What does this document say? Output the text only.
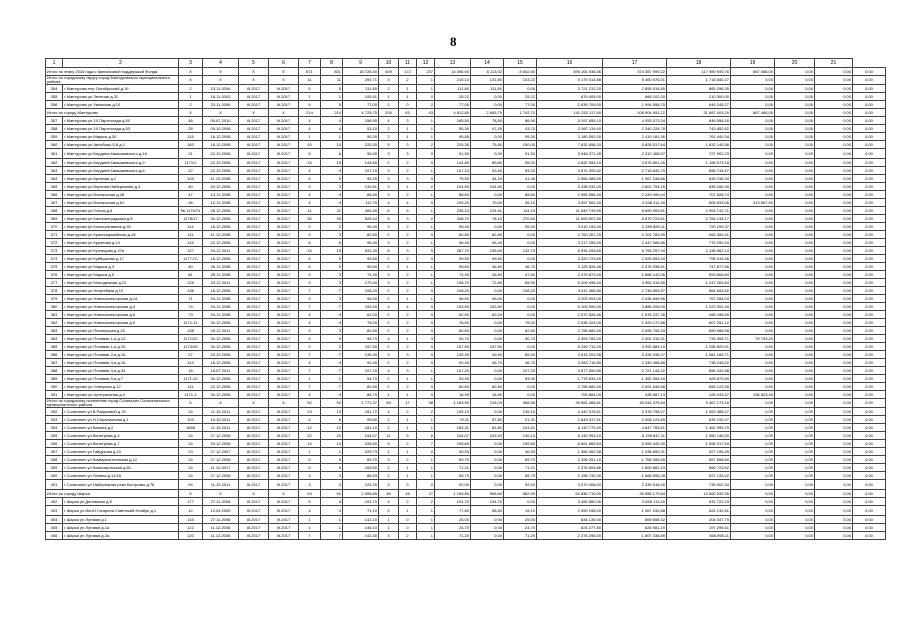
8
1	2	3	4	5	6	7	8	9	10	11	12	13	14	15	16	17	18	19	20	21	
Итого по этапу 2016 года с финансовой поддержкой Фонда		X	X	X	X	871	831	18 728,40	409	172	237	14 396,90	6 113,02	8 642,60	495 164 938,36	374 387 999,22	117 989 949,76	667 468,00	0,00	0,00	0,00
Итого по городскому округу город Мантуровского муниципального района		X	X	X	X	11	11	294,71	3	2	1	215,13	131,80	103,22	5 179 414,88	5 460 576,01	1 718 840,27	0,00	0,00	0,00	0,00
354	г Мантурово пер Октябрьский д.19	2	23.11.2006	III.2017	III.2017	5	5	111,80	2	1	1	111,80	111,80	0,00	3 721 212,20	2 855 914,85	865 298,35	0,00	0,00	0,00	0,00
355	г Мантурово ул Зеленая д.32	1	18.11.2003	III.2017	III.2017	1	1	105,91	1	1	0	25,22	0,00	25,22	879 405,00	668 102,00	210 300,00	0,00	0,00	0,00	0,00
356	г Мантурово ул Уманская д.10	2	23.11.2006	III.2017	III.2017	5	5	77,00	2	0	2	77,00	0,00	77,00	2 639 709,00	1 994 558,75	645 245,27	0,00	0,00	0,00	0,00
Итого по городу Мантурово		X	X	X	X	214	214	4 725,75	200	63	43	4 812,80	2 605,79	1 742,70	141 252 117,69	108 904 991,22	31 687 403,29	667 468,00	0,00	0,00	0,00
357	г Мантурово ул 19 Партсъезда д.50	46	05.07.2010	III.2017	III.2017	4	4	158,90	4	3	1	165,50	78,80	86,90	5 297 655,10	4 053 073,34	846 558,16	0,00	0,00	0,00	0,00
358	г Мантурово ул 19 Партсъезда д.53	28	05.10.2008	III.2017	III.2017	4	4	53,10	2	1	1	55,30	47,45	43,70	2 987 119,40	2 340 226,78	743 852,62	0,00	0,00	0,00	0,00
359	г Мантурово ул Маркса д.30	115	18.12.2008	III.2017	III.2017	1	1	95,30	2	1	1	95,85	0,00	95,30	3 180 592,00	2 419 181,36	761 440,34	0,00	0,00	0,00	0,00
360	г Мантурово ул Автобазы 5-й д.1	183	18.12.2008	III.2017	III.2017	10	10	225,30	5	3	2	225,30	75,80	150,00	7 632 658,20	5 828 517,64	1 832 140,56	0,00	0,00	0,00	0,00
361	г Мантурово ул Бердина Камышевского д.18	21	22.10.2008	III.2017	III.2017	6	6	96,50	3	3	0	91,50	0,00	91,50	3 048 371,45	2 312 468,57	727 902,23	0,00	0,00	0,00	0,00
362	г Мантурово ул Бердина Камышевского д.9	1171/1	22.10.2008	III.2017	III.2017	15	15	144,80	2	2	0	144,80	89,80	55,00	4 832 555,19	3 675 801,06	1 156 973,18	0,00	0,00	0,00	0,00
363	г Мантурово ул Бердина Камышевского д.6	22	22.10.2008	III.2017	III.2017	4	4	107,10	3	2	1	107,10	53,90	53,20	3 574 305,42	2 718 640,70	855 744,67	0,00	0,00	0,00	0,00
364	г Мантурово ул Бревная д.2	103	11.10.2008	III.2017	III.2017	5	5	95,25	3	3	0	75,50	34,24	41,46	2 566 485,00	1 967 248,66	639 236,34	0,00	0,00	0,00	0,00
365	г Мантурово ул Верхняя Набережная д.4	60	04.12.2008	III.2017	III.2017	3	3	130,61	3	1	2	104,50	104,50	0,00	3 438 932,00	2 602 754,25	835 166,35	0,00	0,00	0,00	0,00
366	г Мантурово ул Вокзальная д.48	47	13.11.2008	III.2017	III.2017	4	4	88,60	3	2	1	88,60	0,00	88,60	2 956 556,40	2 249 099,44	707 826,74	0,00	0,00	0,00	0,00
367	г Мантурово ул Вокзальная д.61	96	12.11.2008	III.2017	III.2017	4	4	112,70	4	4	0	105,20	70,00	35,10	3 597 502,40	2 548 411,40	805 833,06	413 857,00	0,00	0,00	0,00
368	г Мантурово ул Гоголя д.8	№ 1175/74	28.12.2008	III.2017	III.2017	11	11	406,45	6	5	1	236,10	124,91	114,19	11 849 749,90	8 690 953,81	2 904 742,71	0,00	0,00	0,00	0,00
369	г Мантурово ул Калининградская д.8	1178/17	30.12.2008	III.2017	III.2017	30	30	525,44	5	3	2	348,70	78,10	270,60	11 653 607,80	8 879 723,61	2 784 134,17	0,00	0,00	0,00	0,00
370	г Мантурово ул Кооперативная д.33	114	18.12.2008	III.2017	III.2017	2	2	95,40	3	2	1	95,40	0,00	95,40	3 010 193,40	2 289 899,11	720 299,37	0,00	0,00	0,00	0,00
371	г Мантурово ул Красноармейская д.28	111	11.12.2008	III.2017	III.2017	3	3	82,80	2	2	0	82,80	82,80	0,00	2 763 267,20	2 101 783,99	661 384,11	0,00	0,00	0,00	0,00
372	г Мантурово ул Крупнова д.14	115	22.12.2008	III.2017	III.2017	6	6	96,40	3	2	1	96,40	96,40	0,00	3 217 255,00	2 447 065,86	770 290,10	0,00	0,00	0,00	0,00
373	г Мантурово ул Кузнецова д.37а	127	24.12.2011	III.2017	III.2017	15	15	531,30	8	3	5	267,70	135,00	132,70	8 934 259,60	6 755 257,94	2 138 962,14	0,00	0,00	0,00	0,00
374	г Мантурово ул Куйбышева д.17	1177-ГС	18.12.2008	III.2017	III.2017	5	5	99,50	2	2	0	99,50	99,50	0,00	3 320 723,80	2 525 693,44	795 019,36	0,00	0,00	0,00	0,00
375	г Мантурово ул Маркса д.3	60	26.11.2008	III.2017	III.2017	5	5	95,60	2	1	1	95,60	46,50	46,70	3 125 826,48	2 376 938,51	747 877,66	0,00	0,00	0,00	0,00
376	г Мантурово ул Маркса д.5	81	28.11.2008	III.2017	III.2017	3	3	74,30	3	2	1	74,30	26,80	47,50	2 479 873,40	1 886 142,06	593 669,84	0,00	0,00	0,00	0,00
377	г Мантурово ул Молодежная д.22	125	23.12.2011	III.2017	III.2017	3	3	170,40	3	2	1	138,70	72,80	65,90	5 209 498,40	3 962 415,95	1 247 263,84	0,00	0,00	0,00	0,00
378	г Мантурово ул Нефтебаза д.12	136	18.12.2008	III.2017	III.2017	7	7	108,20	2	2	0	108,20	0,00	108,20	3 611 066,80	2 746 553,97	864 653,62	0,00	0,00	0,00	0,00
379	г Мантурово ул Новохолмогорская д.14	71	24.11.2008	III.2017	III.2017	3	3	96,00	2	1	1	96,00	96,00	0,00	3 203 904,00	2 436 849,96	767 054,04	0,00	0,00	0,00	0,00
380	г Мантурово ул Новохолмогорская д.4	74	24.11.2008	III.2017	III.2017	7	7	153,50	4	4	0	153,50	153,50	0,00	5 109 599,40	3 886 208,00	1 223 391,40	0,00	0,00	0,00	0,00
381	г Мантурово ул Новохолмогорская д.6	73	24.11.2008	III.2017	III.2017	4	4	62,00	2	2	0	62,00	62,00	0,00	2 072 926,46	1 576 237,35	496 188,69	0,00	0,00	0,00	0,00
382	г Мантурово ул Новохолмогорская д.9	1171-11	30.12.2008	III.2017	III.2017	4	4	76,00	2	2	0	76,00	0,00	76,00	2 536 424,00	1 929 172,88	607 251,12	0,00	0,00	0,00	0,00
383	г Мантурово ул Пионерская д.15	138	29.12.2011	III.2017	III.2017	3	3	82,60	2	2	0	82,60	0,00	82,60	2 756 682,40	2 096 706,33	659 986,08	0,00	0,00	0,00	0,00
384	г Мантурово ул Полевая 1-я д.12	1171/22	30.12.2008	III.2017	III.2017	9	9	96,70	4	1	3	90,70	0,00	90,70	3 393 782,00	2 302 415,31	734 306,71	79 793,20	0,00	0,00	0,00
385	г Мантурово ул Полевая 1-я д.15	1174/45	30.12.2008	III.2017	III.2017	2	2	157,50	2	2	0	157,50	157,50	0,00	5 249 710,20	3 992 889,19	1 256 820,01	0,00	0,00	0,00	0,00
386	г Мантурово ул Полевая 2-я д.16	27	23.10.2008	III.2017	III.2017	7	7	135,30	3	3	0	135,30	49,90	85,40	4 515 202,08	3 434 035,47	1 081 166,71	0,00	0,00	0,00	0,00
387	г Мантурово ул Полевая 4-я д.16	113	18.12.2008	III.2017	III.2017	4	4	92,40	2	2	0	92,40	45,70	46,70	3 083 716,80	2 345 468,88	738 248,02	0,00	0,00	0,00	0,00
388	г Мантурово ул Полевая 4-я д.34	16	15.07.2011	III.2017	III.2017	7	7	107,20	4	3	1	107,20	0,00	107,20	3 577 652,80	2 721 144,22	856 342,68	0,00	0,00	0,00	0,00
389	г Мантурово ул Полевая 5-я д.7	1171-02	30.12.2008	III.2017	III.2017	1	1	54,70	2	1	1	53,30	0,00	53,30	1 778 834,20	1 352 954,40	425 879,80	0,00	0,00	0,00	0,00
390	г Мантурово ул Северная д.12	111	22.12.2008	III.2017	III.2017	7	7	82,60	2	2	0	82,60	82,60	0,00	2 756 682,40	2 091 648,58	655 122,00	0,00	0,00	0,00	0,00
391	г Мантурово ул Центральная д.4	1171-1	30.12.2008	III.2017	III.2017	4	4	86,70	1	1	0	16,90	16,90	0,00	705 864,00	438 987,13	126 033,47	136 823,40	0,00	0,00	0,00
Итого по городскому поселению город Солигалич Солигаличского муниципального района		X	X	X	X	92	92	1 771,37	55	17	38	1 183,90	215,03	968,58	39 561 466,61	30 044 375,84	9 467 173,16	0,00	0,00	0,00	0,00
392	г Солигалич ул В.Разумовой д.76	24	11.10.2011	III.2017	III.2017	13	13	151,72	4	2	2	135,10	0,00	135,10	4 442 076,61	3 378 798,07	1 063 488,47	0,00	0,00	0,00	0,00
393	г Солигалич ул Н.Серапионова д.1	103	10.10.2011	III.2017	III.2017	6	6	99,60	2	1	1	79,11	57,80	21,31	2 643 317,51	2 008 124,65	635 190,47	0,00	0,00	0,00	0,00
394	г Солигалич ул Васина д.2	1668	11.10.2011	III.2017	III.2017	12	12	181,10	2	1	1	183,31	81,80	101,51	6 110 779,40	4 647 783,61	1 462 995,79	0,00	0,00	0,00	0,00
395	г Солигалич ул Вытегрова д.3	24	27.12.2006	III.2017	III.2017	22	22	244,07	11	5	6	244,07	103,93	140,14	8 145 993,10	6 195 847,11	1 950 145,00	0,00	0,00	0,00	0,00
396	г Солигалич ул Вытегрова д.7	24	20.12.2006	III.2017	III.2017	14	14	226,60	9	2	7	199,60	0,00	199,60	6 661 865,84	5 065 449,30	1 596 317,54	0,00	0,00	0,00	0,00
397	г Солигалич ул Гайдукова д.10	23	27.12.2007	III.2017	III.2017	1	1	229,73	1	1	0	40,93	0,00	40,93	1 366 062,38	1 038 890,31	327 196,45	0,00	0,00	0,00	0,00
398	г Солигалич ул Коммунистическая д.12	24	27.12.2006	III.2017	III.2017	5	5	69,70	3	2	1	69,70	0,00	69,70	2 326 251,10	1 768 355,65	557 658,60	0,00	0,00	0,00	0,00
399	г Солигалич ул Комсомольская д.81	24	11.12.2017	III.2017	III.2017	5	5	153,60	2	1	1	71,21	0,00	71,21	2 376 604,86	1 809 881,24	566 723,62	0,00	0,00	0,00	0,00
400	г Солигалич ул Ленина д.11/18	24	27.12.2006	III.2017	III.2017	3	3	86,53	2	1	1	65,79	0,00	65,79	2 196 740,30	1 668 906,28	527 133,02	0,00	0,00	0,00	0,00
401	г Солигалич ул Набережная реки Костромы д.76	94	11.10.2011	III.2017	III.2017	3	3	124,25	3	3	0	92,00	0,00	92,00	3 070 408,00	2 335 516,09	735 002,34	0,00	0,00	0,00	0,00
Итого по городу Шарья		X	X	X	X	93	91	2 008,85	48	16	27	1 159,80	596,60	562,90	52 846 710,00	39 586 179,84	12 660 532,56	0,00	0,00	0,00	0,00
402	г Шарья ул Деповская д.5	177	27.11.2008	III.2017	III.2017	5	5	104,70	4	2	2	104,70	104,70	0,00	3 490 860,06	2 659 113,40	831 722,23	0,00	0,00	0,00	0,00
403	г Шарья ул Им.Ю.Гагарина Советский Ноябрь д.1	12	10.04.2009	III.2017	III.2017	4	4	71,10	2	1	1	77,60	58,50	19,10	2 590 158,00	1 967 240,68	624 132,61	0,00	0,00	0,00	0,00
404	г Шарья ул Луговая д.1	115	27.11.2008	III.2017	III.2017	1	1	142,10	1	0	1	25,00	0,00	25,00	834 139,40	669 858,32	204 347,75	0,00	0,00	0,00	0,00
405	г Шарья ул Луговая д.1а	122	11.12.2008	III.2017	III.2017	1	1	146,10	1	0	1	24,70	0,00	24,70	824 277,80	626 981,19	197 296,61	0,00	0,00	0,00	0,00
406	г Шарья ул Луговая д.2а	120	11.12.2008	III.2017	III.2017	7	7	142,30	3	2	1	71,20	0,00	71,20	2 376 296,00	1 807 336,89	568 998,11	0,00	0,00	0,00	0,00
